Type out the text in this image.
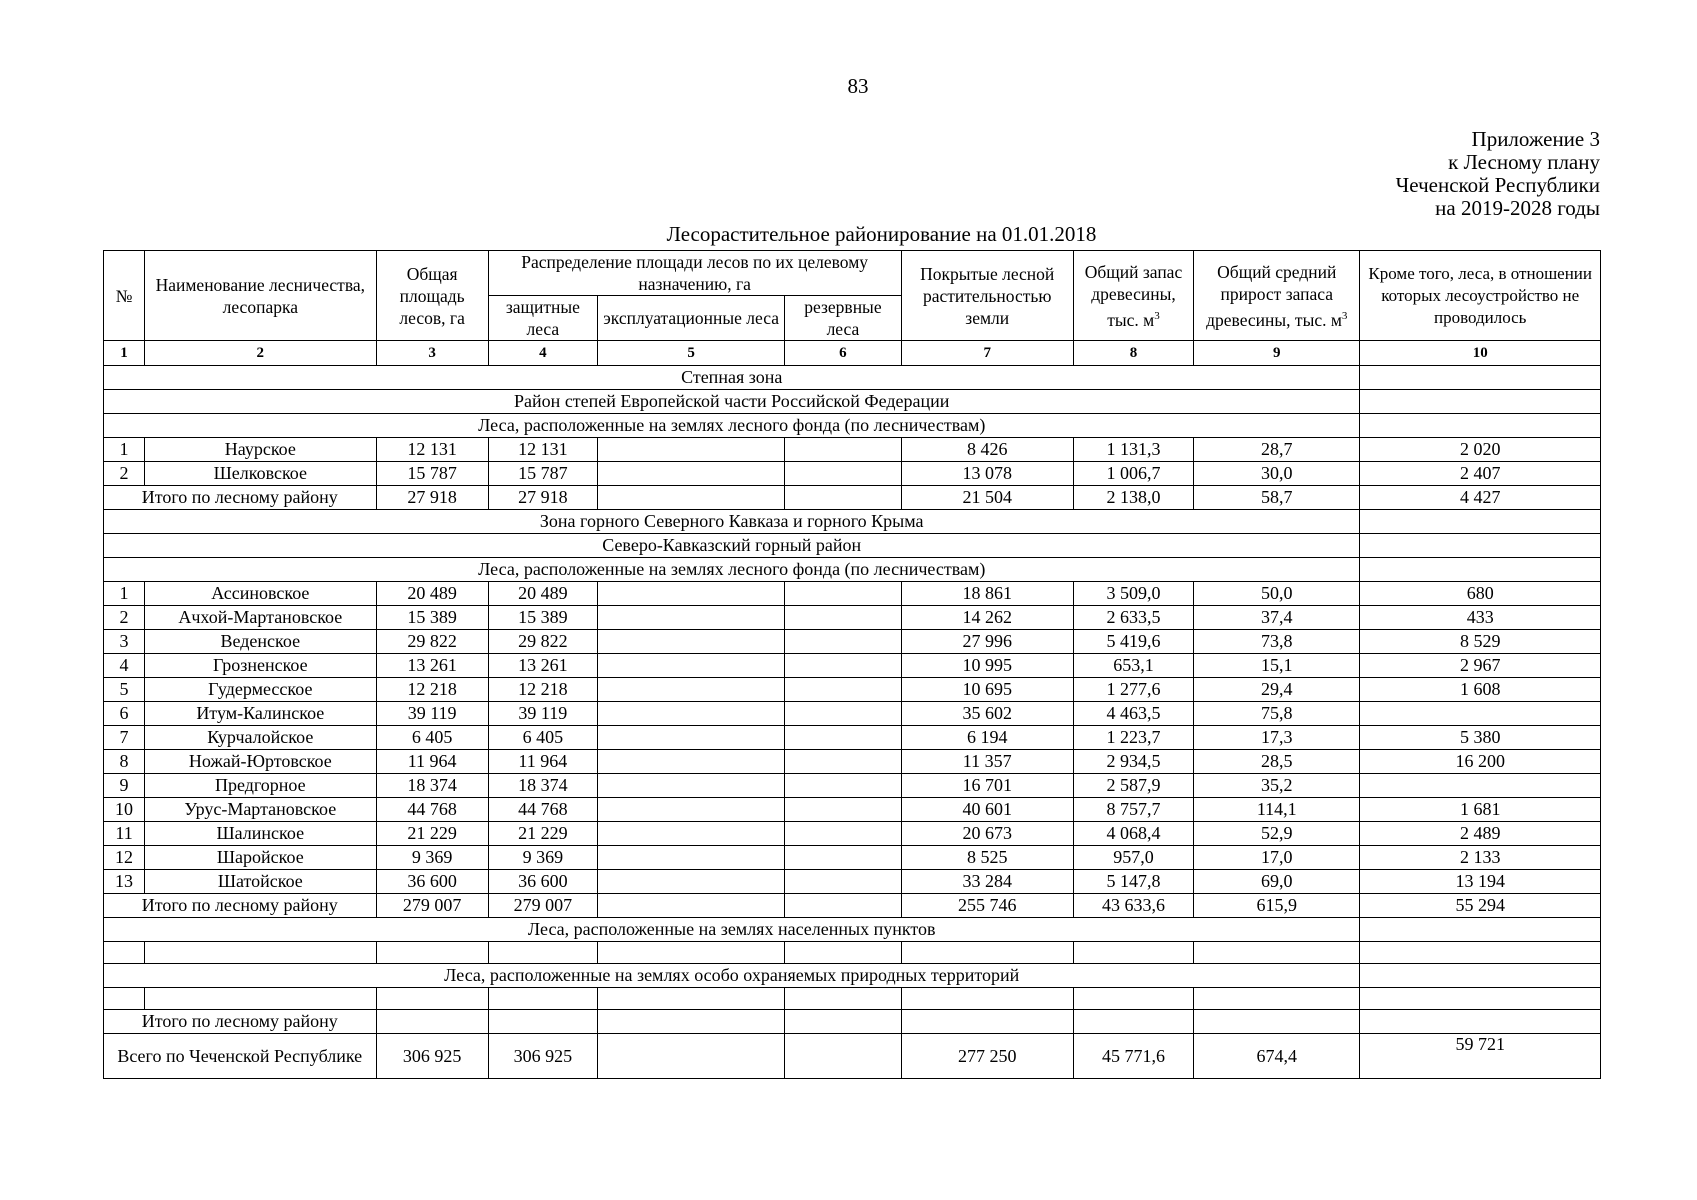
83
Приложение 3
к Лесному плану
Чеченской Республики
на 2019-2028 годы
Лесорастительное районирование на 01.01.2018
№	Наименование лесничества, лесопарка	Общая площадь лесов, га	Распределение площади лесов по их целевому назначению, га			Покрытые лесной растительностью земли	Общий запас древесины, тыс. $м^3$	Общий средний прирост запаса древесины, тыс. $м^3$	Кроме того, леса, в отношении которых лесоустройство не проводилось
			защитные леса	эксплуатационные леса	резервные леса				
1	2	3	4	5	6	7	8	9	10
Степная зона									
Район степей Европейской части Российской Федерации									
Леса, расположенные на землях лесного фонда (по лесничествам)									
1	Наурское	12 131	12 131			8 426	1 131,3	28,7	2 020
2	Шелковское	15 787	15 787			13 078	1 006,7	30,0	2 407
Итого по лесному району		27 918	27 918			21 504	2 138,0	58,7	4 427
Зона горного Северного Кавказа и горного Крыма									
Северо-Кавказский горный район									
Леса, расположенные на землях лесного фонда (по лесничествам)									
1	Ассиновское	20 489	20 489			18 861	3 509,0	50,0	680
2	Ачхой-Мартановское	15 389	15 389			14 262	2 633,5	37,4	433
3	Веденское	29 822	29 822			27 996	5 419,6	73,8	8 529
4	Грозненское	13 261	13 261			10 995	653,1	15,1	2 967
5	Гудермесское	12 218	12 218			10 695	1 277,6	29,4	1 608
6	Итум-Калинское	39 119	39 119			35 602	4 463,5	75,8	
7	Курчалойское	6 405	6 405			6 194	1 223,7	17,3	5 380
8	Ножай-Юртовское	11 964	11 964			11 357	2 934,5	28,5	16 200
9	Предгорное	18 374	18 374			16 701	2 587,9	35,2	
10	Урус-Мартановское	44 768	44 768			40 601	8 757,7	114,1	1 681
11	Шалинское	21 229	21 229			20 673	4 068,4	52,9	2 489
12	Шаройское	9 369	9 369			8 525	957,0	17,0	2 133
13	Шатойское	36 600	36 600			33 284	5 147,8	69,0	13 194
Итого по лесному району		279 007	279 007			255 746	43 633,6	615,9	55 294
Леса, расположенные на землях населенных пунктов									

Леса, расположенные на землях особо охраняемых природных территорий									

Итого по лесному району									
Всего по Чеченской Республике		306 925	306 925			277 250	45 771,6	674,4	59 721
